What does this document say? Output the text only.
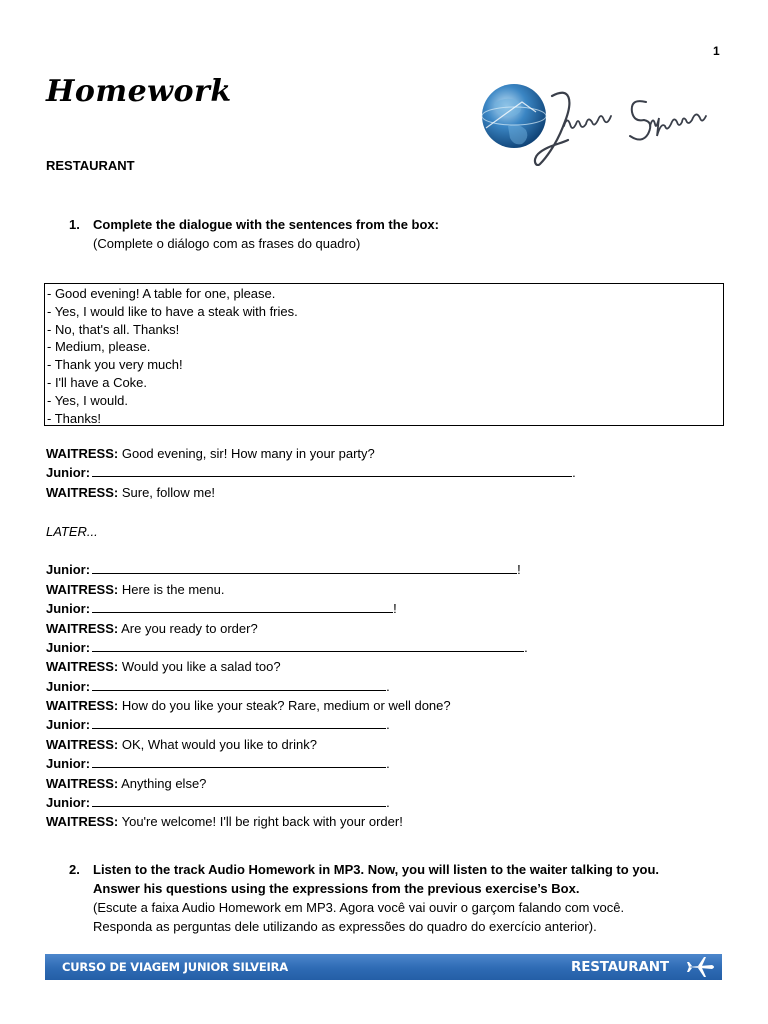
1
Homework
RESTAURANT
1. Complete the dialogue with the sentences from the box:
(Complete o diálogo com as frases do quadro)
- Good evening! A table for one, please.
- Yes, I would like to have a steak with fries.
- No, that's all. Thanks!
- Medium, please.
- Thank you very much!
- I'll have a Coke.
- Yes, I would.
- Thanks!
WAITRESS: Good evening, sir! How many in your party?
Junior:	.
WAITRESS: Sure, follow me!
LATER...
Junior:	!
WAITRESS: Here is the menu.
Junior:	!
WAITRESS: Are you ready to order?
Junior:	.
WAITRESS: Would you like a salad too?
Junior:	.
WAITRESS: How do you like your steak? Rare, medium or well done?
Junior:	.
WAITRESS: OK, What would you like to drink?
Junior:	.
WAITRESS: Anything else?
Junior:	.
WAITRESS: You're welcome! I'll be right back with your order!
2. Listen to the track Audio Homework in MP3. Now, you will listen to the waiter talking to you.
Answer his questions using the expressions from the previous exercise’s Box.
(Escute a faixa Audio Homework em MP3. Agora você vai ouvir o garçom falando com você.
Responda as perguntas dele utilizando as expressões do quadro do exercício anterior).
CURSO DE VIAGEM JUNIOR SILVEIRA	RESTAURANT
